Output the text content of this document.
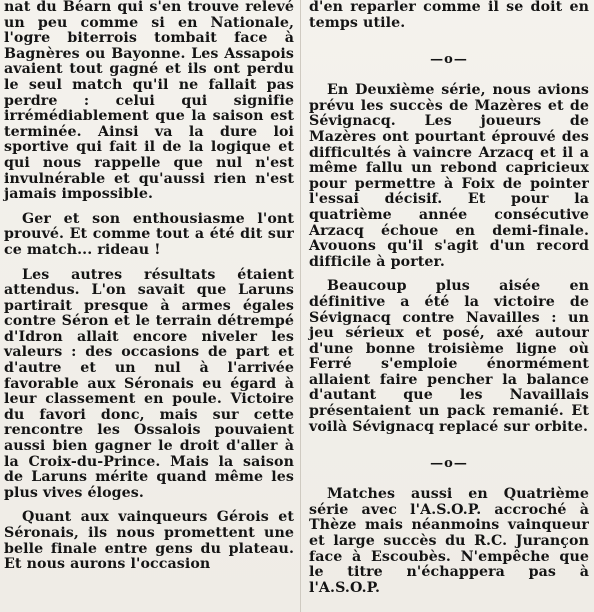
nat du Béarn qui s'en trouve relevé un peu comme si en Nationale, l'ogre biterrois tombait face à Bagnères ou Bayonne. Les Assapois avaient tout gagné et ils ont perdu le seul match qu'il ne fallait pas perdre : celui qui signifie irrémédiablement que la saison est terminée. Ainsi va la dure loi sportive qui fait il de la logique et qui nous rappelle que nul n'est invulnérable et qu'aussi rien n'est jamais impossible.

Ger et son enthousiasme l'ont prouvé. Et comme tout a été dit sur ce match... rideau !

Les autres résultats étaient attendus. L'on savait que Laruns partirait presque à armes égales contre Séron et le terrain détrempé d'Idron allait encore niveler les valeurs : des occasions de part et d'autre et un nul à l'arrivée favorable aux Séronais eu égard à leur classement en poule. Victoire du favori donc, mais sur cette rencontre les Ossalois pouvaient aussi bien gagner le droit d'aller à la Croix-du-Prince. Mais la saison de Laruns mérite quand même les plus vives éloges.

Quant aux vainqueurs Gérois et Séronais, ils nous promettent une belle finale entre gens du plateau. Et nous aurons l'occasion

d'en reparler comme il se doit en temps utile.

—o—

En Deuxième série, nous avions prévu les succès de Mazères et de Sévignacq. Les joueurs de Mazères ont pourtant éprouvé des difficultés à vaincre Arzacq et il a même fallu un rebond capricieux pour permettre à Foix de pointer l'essai décisif. Et pour la quatrième année consécutive Arzacq échoue en demi-finale. Avouons qu'il s'agit d'un record difficile à porter.

Beaucoup plus aisée en définitive a été la victoire de Sévignacq contre Navailles : un jeu sérieux et posé, axé autour d'une bonne troisième ligne où Ferré s'emploie énormément allaient faire pencher la balance d'autant que les Navaillais présentaient un pack remanié. Et voilà Sévignacq replacé sur orbite.

—o—

Matches aussi en Quatrième série avec l'A.S.O.P. accroché à Thèze mais néanmoins vainqueur et large succès du R.C. Jurançon face à Escoubès. N'empêche que le titre n'échappera pas à l'A.S.O.P.
